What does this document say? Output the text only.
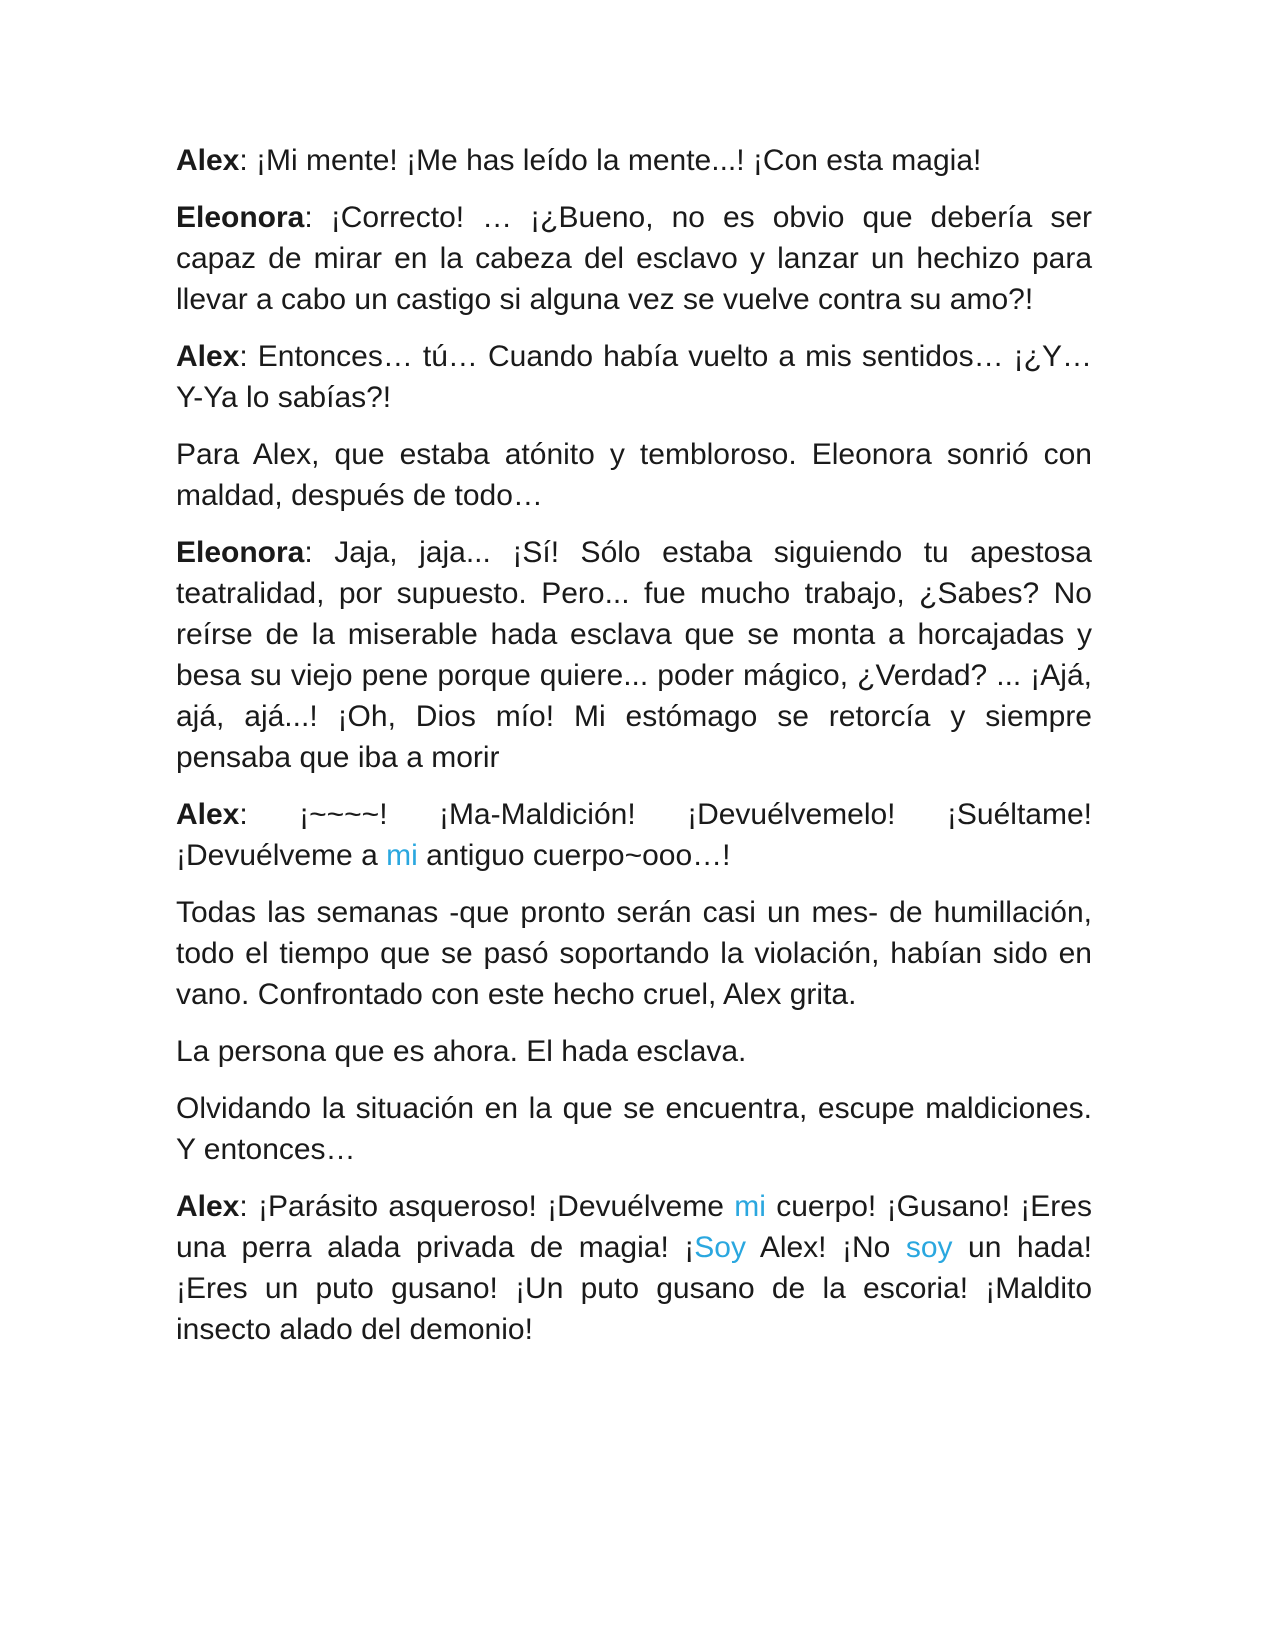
Alex: ¡Mi mente! ¡Me has leído la mente...! ¡Con esta magia!

Eleonora: ¡Correcto! … ¡¿Bueno, no es obvio que debería ser capaz de mirar en la cabeza del esclavo y lanzar un hechizo para llevar a cabo un castigo si alguna vez se vuelve contra su amo?!

Alex: Entonces… tú… Cuando había vuelto a mis sentidos… ¡¿Y… Y-Ya lo sabías?!

Para Alex, que estaba atónito y tembloroso. Eleonora sonrió con maldad, después de todo…

Eleonora: Jaja, jaja... ¡Sí! Sólo estaba siguiendo tu apestosa teatralidad, por supuesto. Pero... fue mucho trabajo, ¿Sabes? No reírse de la miserable hada esclava que se monta a horcajadas y besa su viejo pene porque quiere... poder mágico, ¿Verdad? ... ¡Ajá, ajá, ajá...! ¡Oh, Dios mío! Mi estómago se retorcía y siempre pensaba que iba a morir

Alex: ¡~~~~! ¡Ma-Maldición! ¡Devuélvemelo! ¡Suéltame! ¡Devuélveme a mi antiguo cuerpo~ooo…!

Todas las semanas -que pronto serán casi un mes- de humillación, todo el tiempo que se pasó soportando la violación, habían sido en vano. Confrontado con este hecho cruel, Alex grita.

La persona que es ahora. El hada esclava.

Olvidando la situación en la que se encuentra, escupe maldiciones. Y entonces…

Alex: ¡Parásito asqueroso! ¡Devuélveme mi cuerpo! ¡Gusano! ¡Eres una perra alada privada de magia! ¡Soy Alex! ¡No soy un hada! ¡Eres un puto gusano! ¡Un puto gusano de la escoria! ¡Maldito insecto alado del demonio!
